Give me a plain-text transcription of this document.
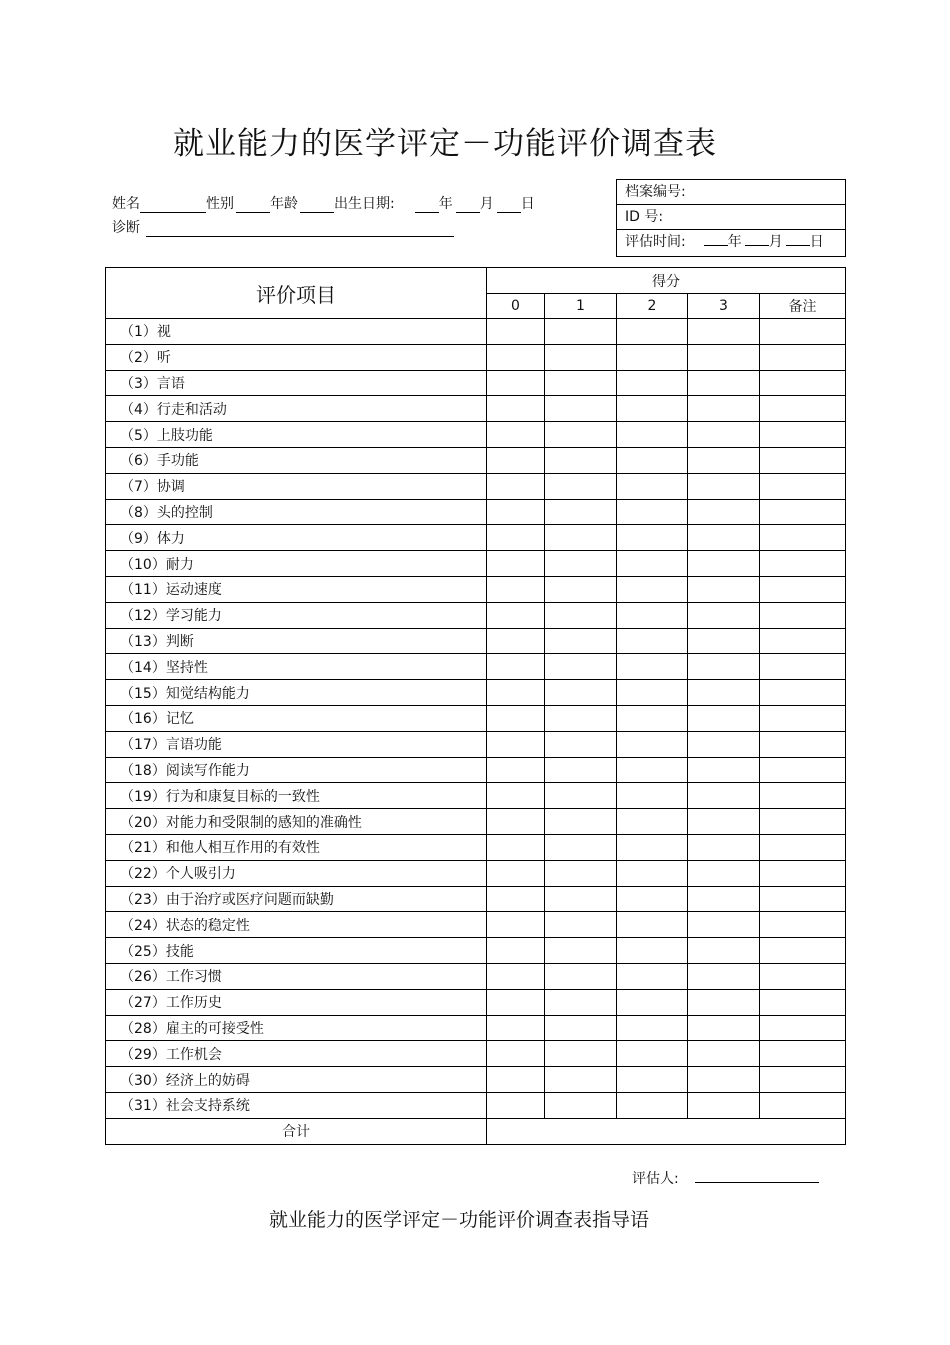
就业能力的医学评定－功能评价调查表
姓名	性别	年龄	出生日期:	年 月 日
诊断
档案编号:
ID 号:
评估时间:	年 月 日
评价项目	得分				
	0	1	2	3	备注
（1）视					
（2）听					
（3）言语					
（4）行走和活动					
（5）上肢功能					
（6）手功能					
（7）协调					
（8）头的控制					
（9）体力					
（10）耐力					
（11）运动速度					
（12）学习能力					
（13）判断					
（14）坚持性					
（15）知觉结构能力					
（16）记忆					
（17）言语功能					
（18）阅读写作能力					
（19）行为和康复目标的一致性					
（20）对能力和受限制的感知的准确性					
（21）和他人相互作用的有效性					
（22）个人吸引力					
（23）由于治疗或医疗问题而缺勤					
（24）状态的稳定性					
（25）技能					
（26）工作习惯					
（27）工作历史					
（28）雇主的可接受性					
（29）工作机会					
（30）经济上的妨碍					
（31）社会支持系统					
合计					
评估人:
就业能力的医学评定－功能评价调查表指导语
